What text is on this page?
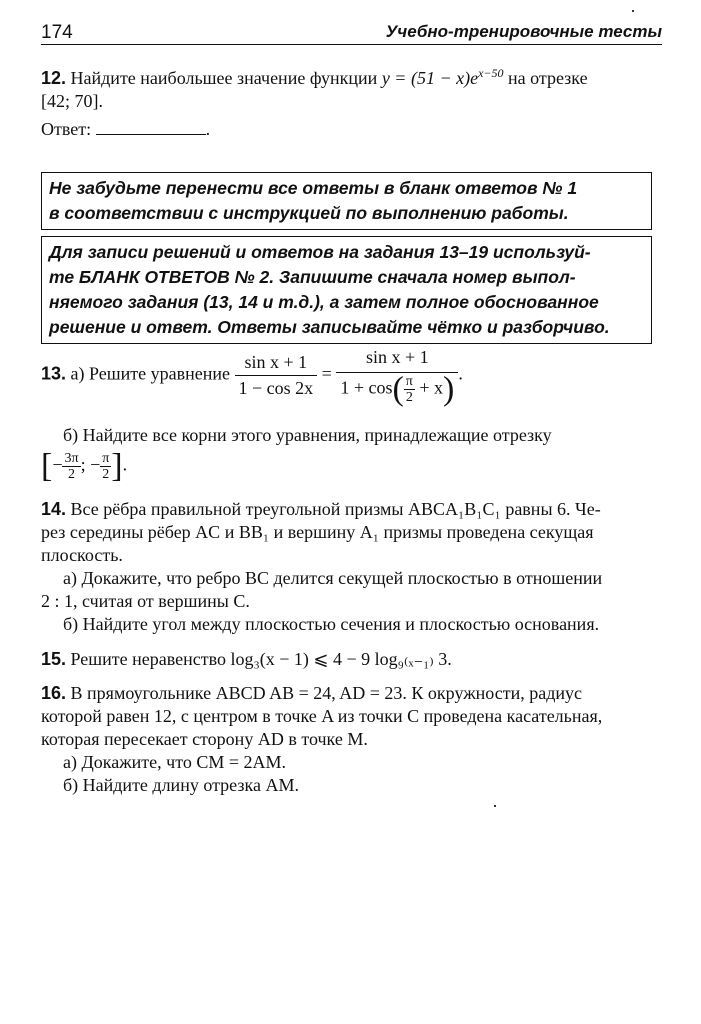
174	Учебно-тренировочные тесты
12. Найдите наибольшее значение функции $y = (51 - x)e^{x-50}$ на отрезке
[42; 70].
Ответ:	.
Не забудьте перенести все ответы в бланк ответов № 1
в соответствии с инструкцией по выполнению работы.
Для записи решений и ответов на задания 13–19 используй-
те БЛАНК ОТВЕТОВ № 2. Запишите сначала номер выпол-
няемого задания (13, 14 и т.д.), а затем полное обоснованное
решение и ответ. Ответы записывайте чётко и разборчиво.
13. а) Решите уравнение $\frac{\text{sin x + 1}}{1 - \cos 2x} = \frac{\text{sin x + 1}}{1 + \cos( \frac{\pi}{2} + x)}$ .
б) Найдите все корни этого уравнения, принадлежащие отрезку
[− $\frac{3\pi}{2}$ ; − $\frac{\pi}{2}$ ].
14. Все рёбра правильной треугольной призмы ABCA₁B₁C₁ равны 6. Че-
рез середины рёбер AC и BB₁ и вершину A₁ призмы проведена секущая
плоскость.
а) Докажите, что ребро BC делится секущей плоскостью в отношении
2 : 1, считая от вершины C.
б) Найдите угол между плоскостью сечения и плоскостью основания.
15. Решите неравенство log₃(x − 1) ⩽ 4 − 9 log₉₍ₓ₋₁₎ 3.
16. В прямоугольнике ABCD AB = 24, AD = 23. К окружности, радиус
которой равен 12, с центром в точке A из точки C проведена касательная,
которая пересекает сторону AD в точке M.
а) Докажите, что CM = 2AM.
б) Найдите длину отрезка AM.
